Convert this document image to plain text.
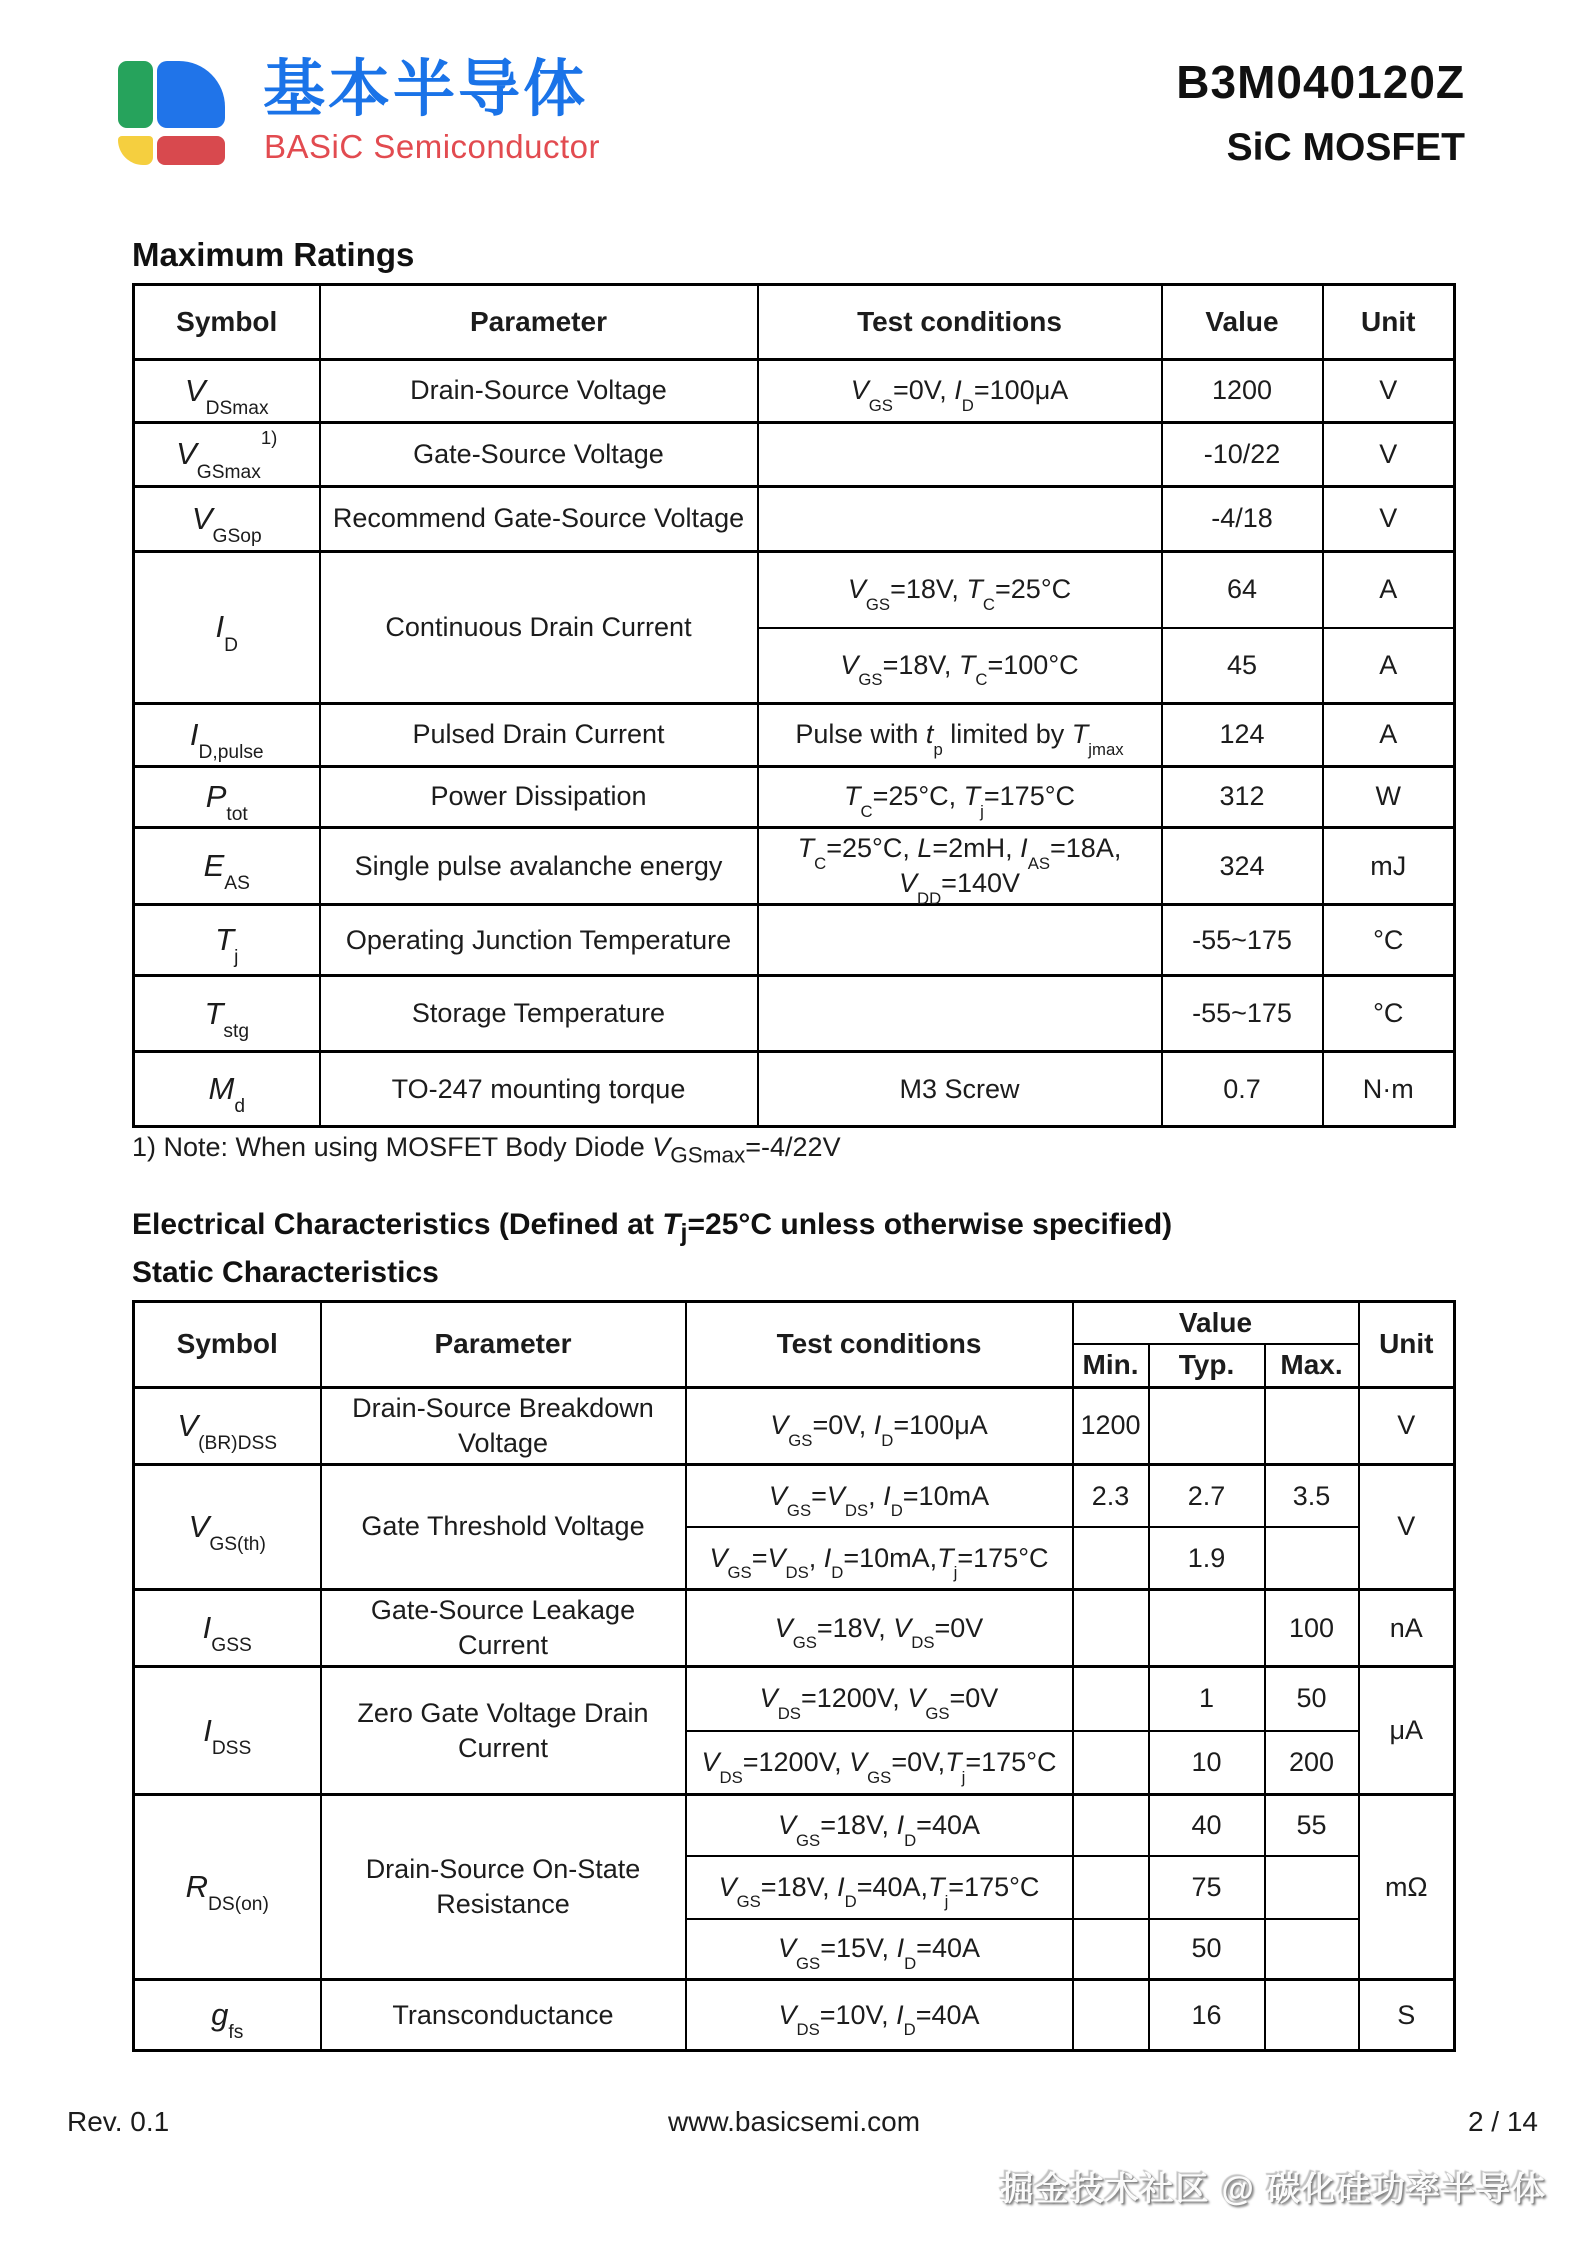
基本半导体
BASiC Semiconductor
B3M040120Z
SiC MOSFET
Maximum Ratings
Symbol	Parameter	Test conditions	Value	Unit
$V_{DSmax}$	Drain-Source Voltage	$V_{GS}=0V$, $I_D=100\mu A$	1200	V
$V_{GSmax}^{1)}$	Gate-Source Voltage		-10/22	V
$V_{GSop}$	Recommend Gate-Source Voltage		-4/18	V
$I_D$	Continuous Drain Current	$V_{GS}=18V$, $T_C=25^\circ C$	64	A
		$V_{GS}=18V$, $T_C=100^\circ C$	45	A
$I_{D,pulse}$	Pulsed Drain Current	Pulse with $t_p$ limited by $T_{jmax}$	124	A
$P_{tot}$	Power Dissipation	$T_C=25^\circ C$, $T_j=175^\circ C$	312	W
$E_{AS}$	Single pulse avalanche energy	$T_C=25^\circ C$, L=2mH, $I_{AS}=18A$, $V_{DD}=140V$	324	mJ
$T_j$	Operating Junction Temperature		-55~175	°C
$T_{stg}$	Storage Temperature		-55~175	°C
$M_d$	TO-247 mounting torque	M3 Screw	0.7	N·m
1) Note: When using MOSFET Body Diode $V_{GSmax}=-4/22V$
Electrical Characteristics (Defined at $T_j=25^\circ C$ unless otherwise specified)
Static Characteristics
Symbol	Parameter	Test conditions	Value			Unit
			Min.	Typ.	Max.	
$V_{(BR)DSS}$	Drain-Source Breakdown Voltage	$V_{GS}=0V$, $I_D=100\mu A$	1200			V
$V_{GS(th)}$	Gate Threshold Voltage	$V_{GS}=V_{DS}$, $I_D=10mA$	2.3	2.7	3.5	V
		$V_{GS}=V_{DS}$, $I_D=10mA,T_j=175^\circ C$		1.9		
$I_{GSS}$	Gate-Source Leakage Current	$V_{GS}=18V$, $V_{DS}=0V$			100	nA
$I_{DSS}$	Zero Gate Voltage Drain Current	$V_{DS}=1200V$, $V_{GS}=0V$		1	50	μA
		$V_{DS}=1200V$, $V_{GS}=0V,T_j=175^\circ C$		10	200	
$R_{DS(on)}$	Drain-Source On-State Resistance	$V_{GS}=18V$, $I_D=40A$		40	55	mΩ
		$V_{GS}=18V$, $I_D=40A,T_j=175^\circ C$		75		
		$V_{GS}=15V$, $I_D=40A$		50		
$g_{fs}$	Transconductance	$V_{DS}=10V$, $I_D=40A$		16		S
Rev. 0.1	www.basicsemi.com	2 / 14
掘金技术社区 @ 碳化硅功率半导体
